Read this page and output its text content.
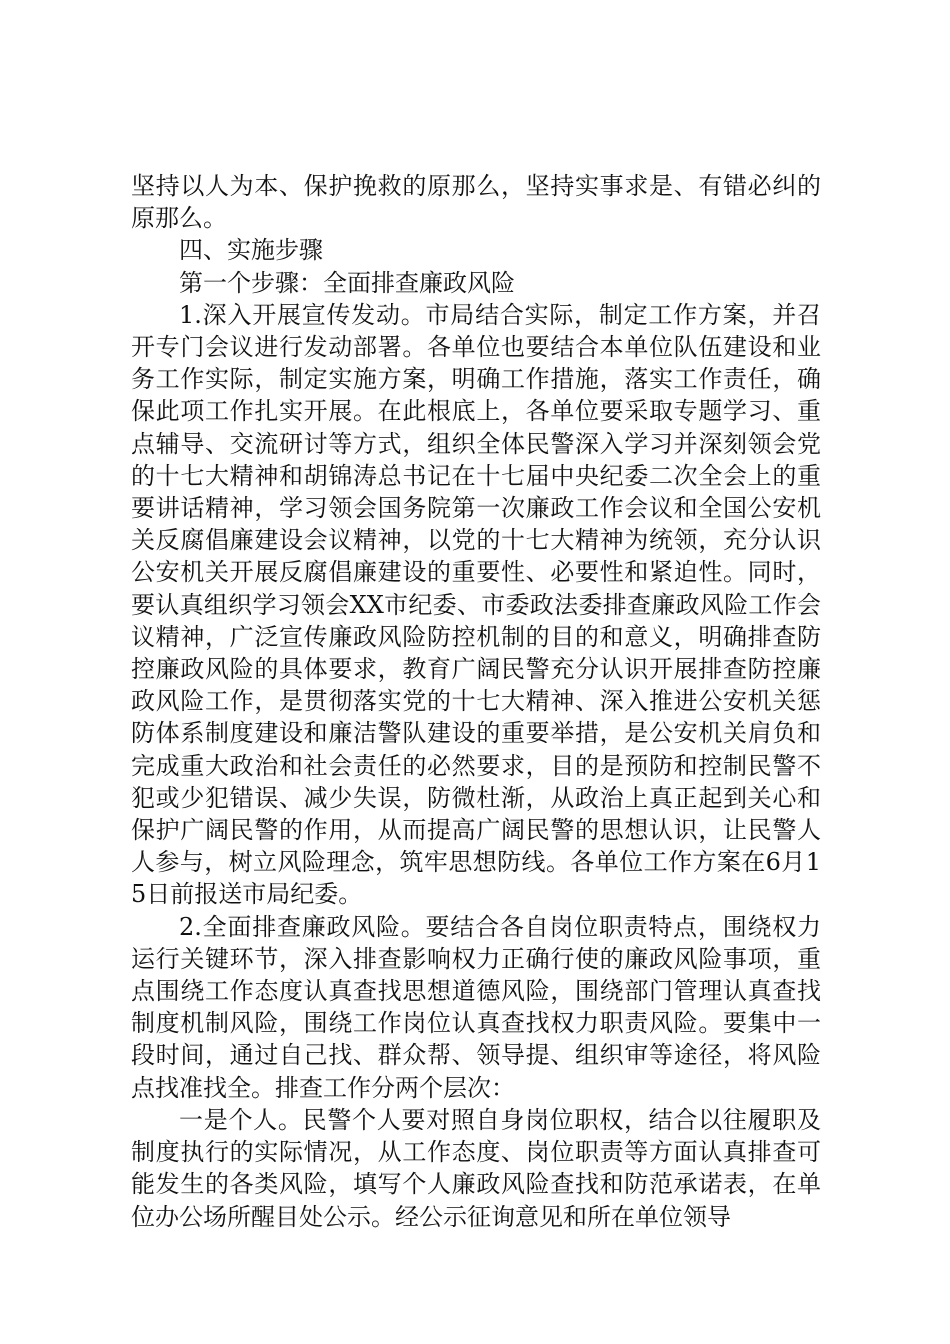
坚持以人为本、保护挽救的原那么，坚持实事求是、有错必纠的原那么。

四、实施步骤

第一个步骤：全面排查廉政风险

1.深入开展宣传发动。市局结合实际，制定工作方案，并召开专门会议进行发动部署。各单位也要结合本单位队伍建设和业务工作实际，制定实施方案，明确工作措施，落实工作责任，确保此项工作扎实开展。在此根底上，各单位要采取专题学习、重点辅导、交流研讨等方式，组织全体民警深入学习并深刻领会党的十七大精神和胡锦涛总书记在十七届中央纪委二次全会上的重要讲话精神，学习领会国务院第一次廉政工作会议和全国公安机关反腐倡廉建设会议精神，以党的十七大精神为统领，充分认识公安机关开展反腐倡廉建设的重要性、必要性和紧迫性。同时，要认真组织学习领会XX市纪委、市委政法委排查廉政风险工作会议精神，广泛宣传廉政风险防控机制的目的和意义，明确排查防控廉政风险的具体要求，教育广阔民警充分认识开展排查防控廉政风险工作，是贯彻落实党的十七大精神、深入推进公安机关惩防体系制度建设和廉洁警队建设的重要举措，是公安机关肩负和完成重大政治和社会责任的必然要求，目的是预防和控制民警不犯或少犯错误、减少失误，防微杜渐，从政治上真正起到关心和保护广阔民警的作用，从而提高广阔民警的思想认识，让民警人人参与，树立风险理念，筑牢思想防线。各单位工作方案在6月15日前报送市局纪委。

2.全面排查廉政风险。要结合各自岗位职责特点，围绕权力运行关键环节，深入排查影响权力正确行使的廉政风险事项，重点围绕工作态度认真查找思想道德风险，围绕部门管理认真查找制度机制风险，围绕工作岗位认真查找权力职责风险。要集中一段时间，通过自己找、群众帮、领导提、组织审等途径，将风险点找准找全。排查工作分两个层次：

一是个人。民警个人要对照自身岗位职权，结合以往履职及制度执行的实际情况，从工作态度、岗位职责等方面认真排查可能发生的各类风险，填写个人廉政风险查找和防范承诺表，在单位办公场所醒目处公示。经公示征询意见和所在单位领导
